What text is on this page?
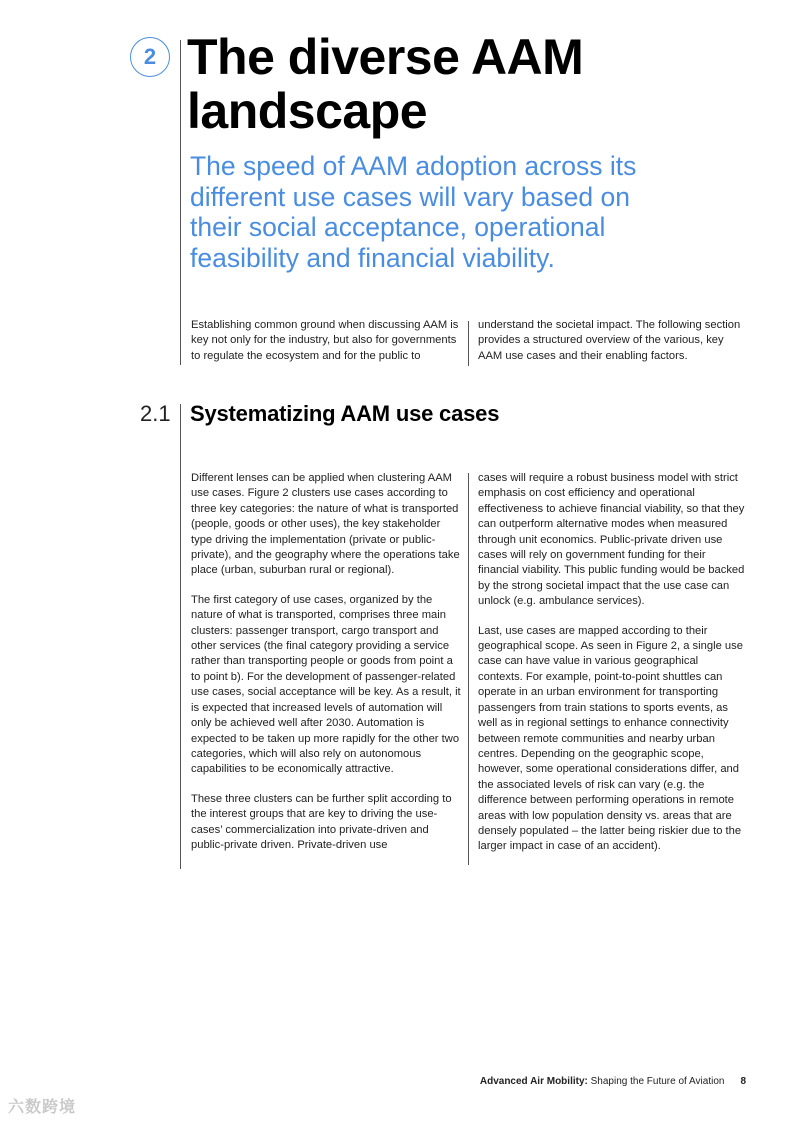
2 The diverse AAM landscape
The speed of AAM adoption across its different use cases will vary based on their social acceptance, operational feasibility and financial viability.

Establishing common ground when discussing AAM is key not only for the industry, but also for governments to regulate the ecosystem and for the public to

understand the societal impact. The following section provides a structured overview of the various, key AAM use cases and their enabling factors.

2.1 Systematizing AAM use cases

Different lenses can be applied when clustering AAM use cases. Figure 2 clusters use cases according to three key categories: the nature of what is transported (people, goods or other uses), the key stakeholder type driving the implementation (private or public-private), and the geography where the operations take place (urban, suburban rural or regional).

The first category of use cases, organized by the nature of what is transported, comprises three main clusters: passenger transport, cargo transport and other services (the final category providing a service rather than transporting people or goods from point a to point b). For the development of passenger-related use cases, social acceptance will be key. As a result, it is expected that increased levels of automation will only be achieved well after 2030. Automation is expected to be taken up more rapidly for the other two categories, which will also rely on autonomous capabilities to be economically attractive.

These three clusters can be further split according to the interest groups that are key to driving the use-cases’ commercialization into private-driven and public-private driven. Private-driven use

cases will require a robust business model with strict emphasis on cost efficiency and operational effectiveness to achieve financial viability, so that they can outperform alternative modes when measured through unit economics. Public-private driven use cases will rely on government funding for their financial viability. This public funding would be backed by the strong societal impact that the use case can unlock (e.g. ambulance services).

Last, use cases are mapped according to their geographical scope. As seen in Figure 2, a single use case can have value in various geographical contexts. For example, point-to-point shuttles can operate in an urban environment for transporting passengers from train stations to sports events, as well as in regional settings to enhance connectivity between remote communities and nearby urban centres. Depending on the geographic scope, however, some operational considerations differ, and the associated levels of risk can vary (e.g. the difference between performing operations in remote areas with low population density vs. areas that are densely populated – the latter being riskier due to the larger impact in case of an accident).

Advanced Air Mobility: Shaping the Future of Aviation 8
六数跨境
